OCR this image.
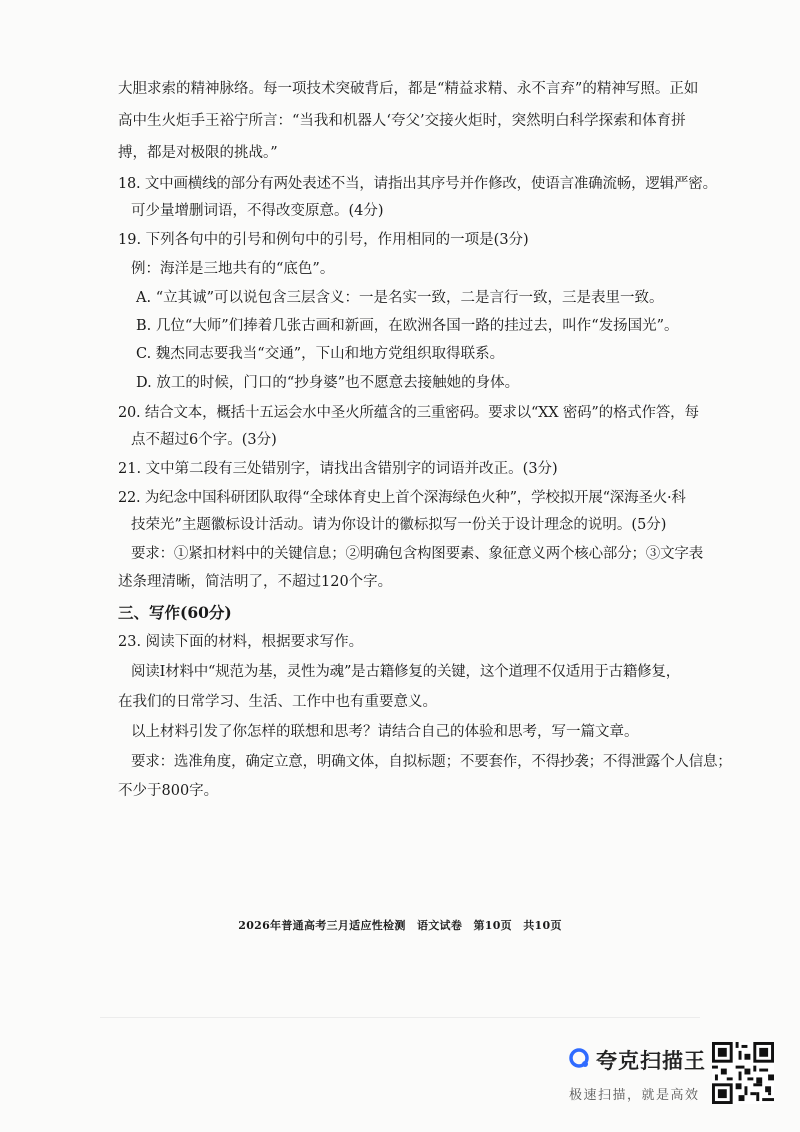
大胆求索的精神脉络。每一项技术突破背后，都是“精益求精、永不言弃”的精神写照。正如
高中生火炬手王裕宁所言：“当我和机器人‘夸父’交接火炬时，突然明白科学探索和体育拼
搏，都是对极限的挑战。”
18. 文中画横线的部分有两处表述不当，请指出其序号并作修改，使语言准确流畅，逻辑严密。
可少量增删词语，不得改变原意。(4分)
19. 下列各句中的引号和例句中的引号，作用相同的一项是(3分)
例：海洋是三地共有的“底色”。
A. “立其诚”可以说包含三层含义：一是名实一致，二是言行一致，三是表里一致。
B. 几位“大师”们捧着几张古画和新画，在欧洲各国一路的挂过去，叫作“发扬国光”。
C. 魏杰同志要我当“交通”，下山和地方党组织取得联系。
D. 放工的时候，门口的“抄身婆”也不愿意去接触她的身体。
20. 结合文本，概括十五运会水中圣火所蕴含的三重密码。要求以“XX 密码”的格式作答，每
点不超过6个字。(3分)
21. 文中第二段有三处错别字，请找出含错别字的词语并改正。(3分)
22. 为纪念中国科研团队取得“全球体育史上首个深海绿色火种”，学校拟开展“深海圣火·科
技荣光”主题徽标设计活动。请为你设计的徽标拟写一份关于设计理念的说明。(5分)
要求：①紧扣材料中的关键信息；②明确包含构图要素、象征意义两个核心部分；③文字表
述条理清晰，简洁明了，不超过120个字。
三、写作(60分)
23. 阅读下面的材料，根据要求写作。
阅读Ⅰ材料中“规范为基，灵性为魂”是古籍修复的关键，这个道理不仅适用于古籍修复，
在我们的日常学习、生活、工作中也有重要意义。
以上材料引发了你怎样的联想和思考？请结合自己的体验和思考，写一篇文章。
要求：选准角度，确定立意，明确文体，自拟标题；不要套作，不得抄袭；不得泄露个人信息；
不少于800字。
2026年普通高考三月适应性检测　语文试卷　第10页　共10页
夸克扫描王
极速扫描，就是高效
